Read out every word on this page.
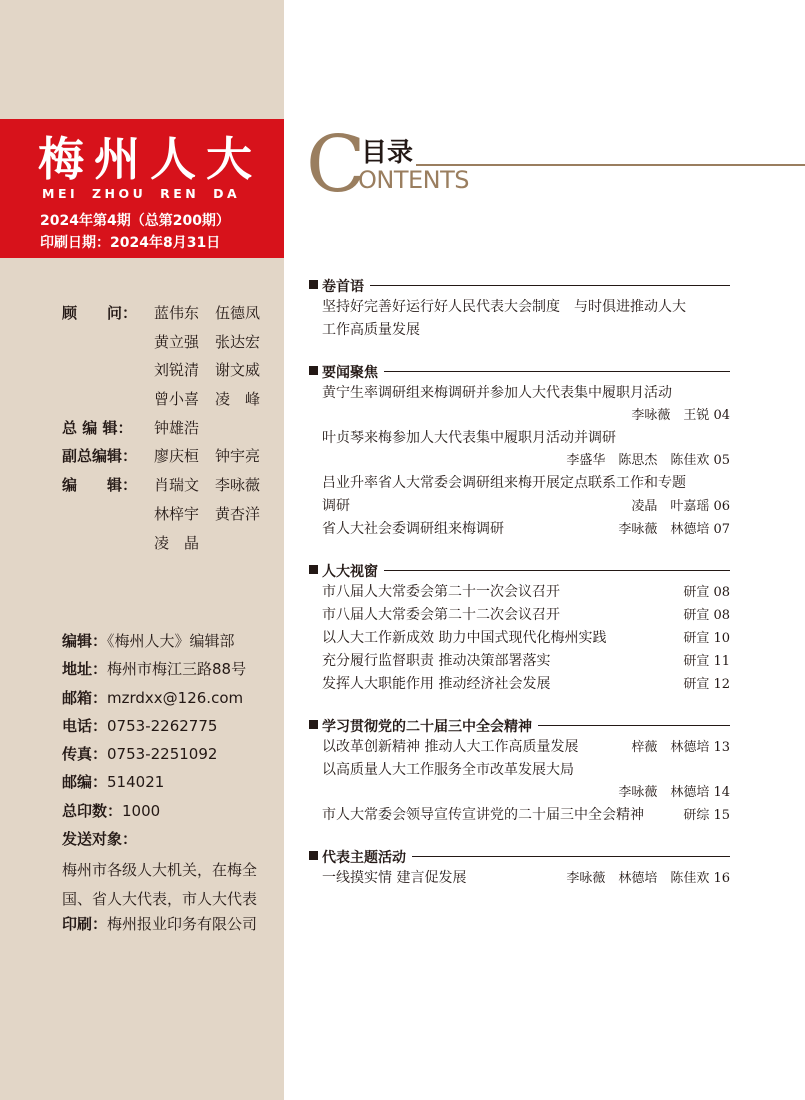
梅州人大
MEI ZHOU REN DA
2024年第4期（总第200期）
印刷日期：2024年8月31日
顾　　问：	蓝伟东 伍德凤
黄立强 张达宏
刘锐清 谢文威
曾小喜 凌　峰
总 编 辑：	钟雄浩
副总编辑：	廖庆桓 钟宇亮
编　　辑：	肖瑞文 李咏薇
林梓宇 黄杏洋
凌　晶
编辑：《梅州人大》编辑部
地址：梅州市梅江三路88号
邮箱：mzrdxx@126.com
电话：0753-2262775
传真：0753-2251092
邮编：514021
总印数：1000
发送对象：
梅州市各级人大机关，在梅全国、省人大代表，市人大代表
印刷：梅州报业印务有限公司
C
目录
ONTENTS
卷首语
坚持好完善好运行好人民代表大会制度　与时俱进推动人大
工作高质量发展
要闻聚焦
黄宁生率调研组来梅调研并参加人大代表集中履职月活动
李咏薇　王锐 04
叶贞琴来梅参加人大代表集中履职月活动并调研
李盛华　陈思杰　陈佳欢 05
吕业升率省人大常委会调研组来梅开展定点联系工作和专题
调研	凌晶　叶嘉瑶 06
省人大社会委调研组来梅调研	李咏薇　林德培 07
人大视窗
市八届人大常委会第二十一次会议召开	研宣 08
市八届人大常委会第二十二次会议召开	研宣 08
以人大工作新成效 助力中国式现代化梅州实践	研宣 10
充分履行监督职责 推动决策部署落实	研宣 11
发挥人大职能作用 推动经济社会发展	研宣 12
学习贯彻党的二十届三中全会精神
以改革创新精神 推动人大工作高质量发展	梓薇　林德培 13
以高质量人大工作服务全市改革发展大局
李咏薇　林德培 14
市人大常委会领导宣传宣讲党的二十届三中全会精神	研综 15
代表主题活动
一线摸实情 建言促发展	李咏薇　林德培　陈佳欢 16
